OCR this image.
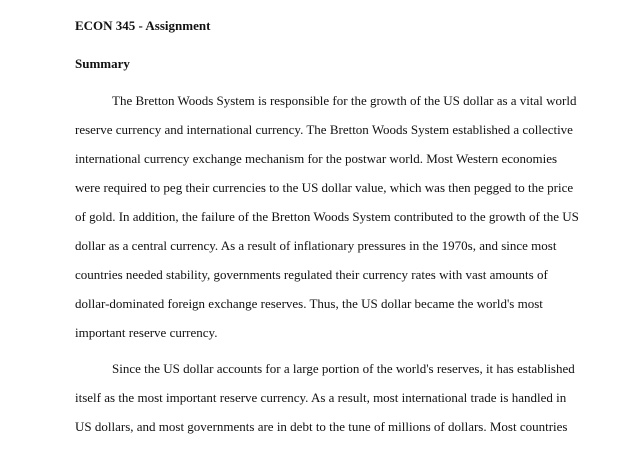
ECON 345 - Assignment
Summary
The Bretton Woods System is responsible for the growth of the US dollar as a vital world
reserve currency and international currency. The Bretton Woods System established a collective
international currency exchange mechanism for the postwar world. Most Western economies
were required to peg their currencies to the US dollar value, which was then pegged to the price
of gold. In addition, the failure of the Bretton Woods System contributed to the growth of the US
dollar as a central currency. As a result of inflationary pressures in the 1970s, and since most
countries needed stability, governments regulated their currency rates with vast amounts of
dollar-dominated foreign exchange reserves. Thus, the US dollar became the world's most
important reserve currency.
Since the US dollar accounts for a large portion of the world's reserves, it has established
itself as the most important reserve currency. As a result, most international trade is handled in
US dollars, and most governments are in debt to the tune of millions of dollars. Most countries
